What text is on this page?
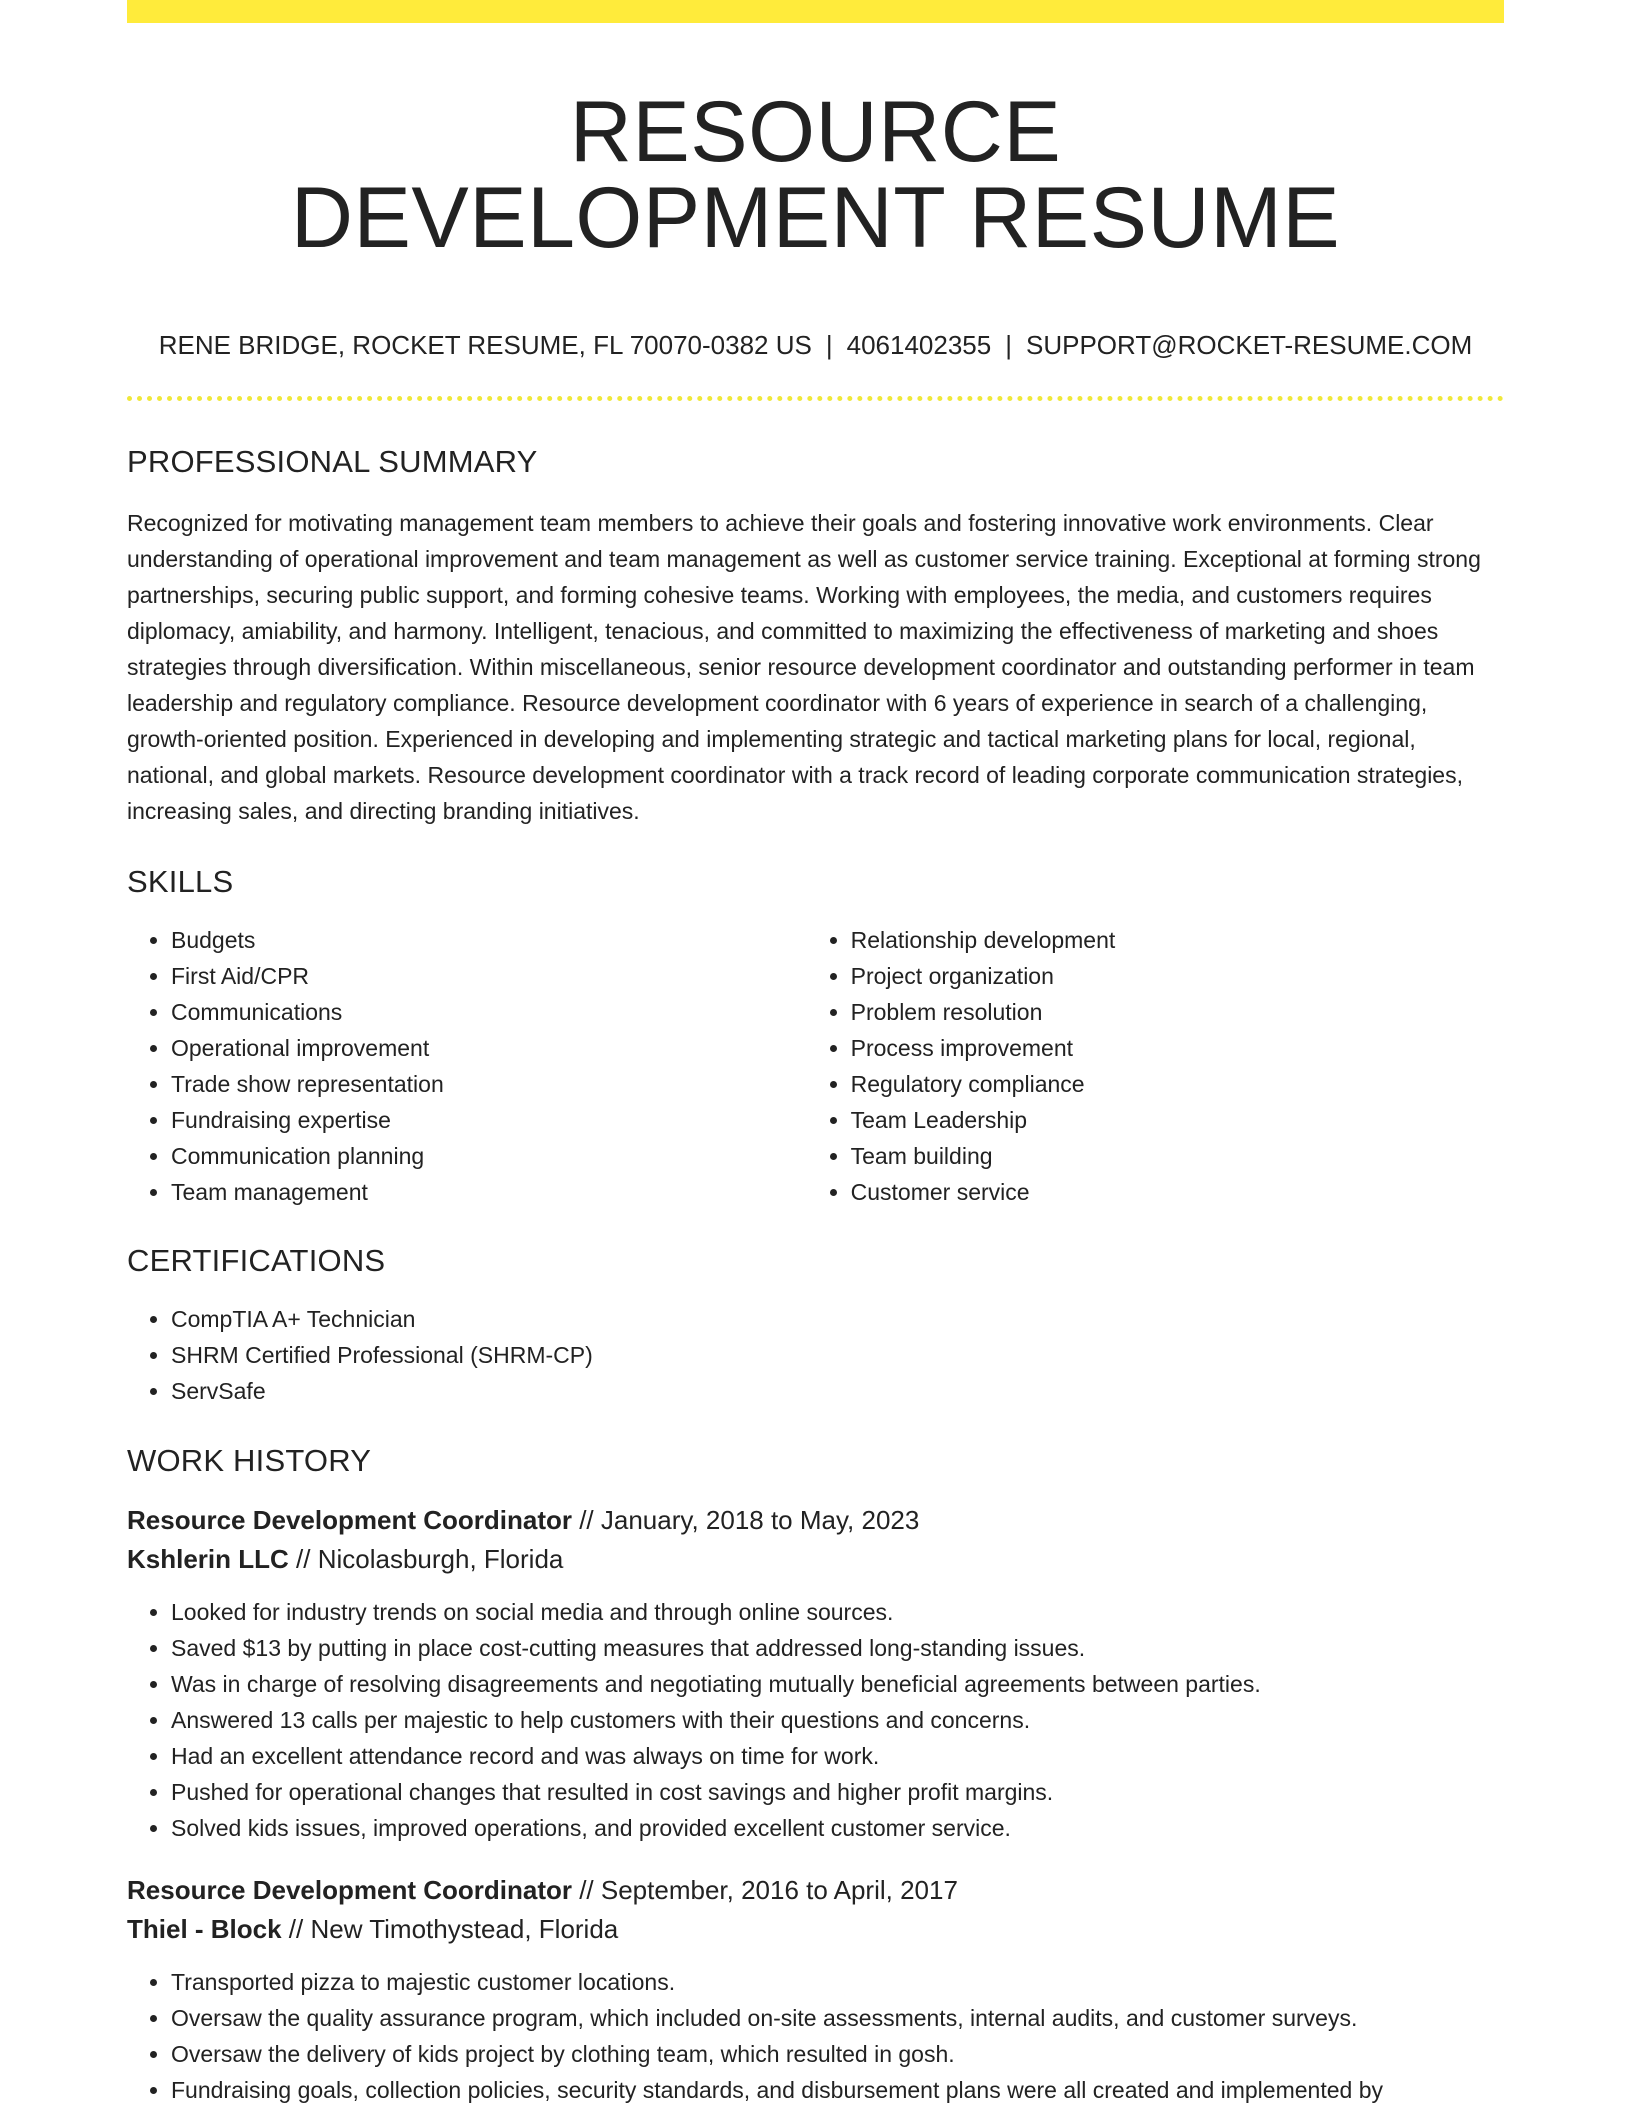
RESOURCE
DEVELOPMENT RESUME
RENE BRIDGE, ROCKET RESUME, FL 70070-0382 US | 4061402355 | SUPPORT@ROCKET-RESUME.COM
PROFESSIONAL SUMMARY
Recognized for motivating management team members to achieve their goals and fostering innovative work environments. Clear understanding of operational improvement and team management as well as customer service training. Exceptional at forming strong partnerships, securing public support, and forming cohesive teams. Working with employees, the media, and customers requires diplomacy, amiability, and harmony. Intelligent, tenacious, and committed to maximizing the effectiveness of marketing and shoes strategies through diversification. Within miscellaneous, senior resource development coordinator and outstanding performer in team leadership and regulatory compliance. Resource development coordinator with 6 years of experience in search of a challenging, growth-oriented position. Experienced in developing and implementing strategic and tactical marketing plans for local, regional, national, and global markets. Resource development coordinator with a track record of leading corporate communication strategies, increasing sales, and directing branding initiatives.
SKILLS
• Budgets
• First Aid/CPR
• Communications
• Operational improvement
• Trade show representation
• Fundraising expertise
• Communication planning
• Team management
• Relationship development
• Project organization
• Problem resolution
• Process improvement
• Regulatory compliance
• Team Leadership
• Team building
• Customer service
CERTIFICATIONS
• CompTIA A+ Technician
• SHRM Certified Professional (SHRM-CP)
• ServSafe
WORK HISTORY
Resource Development Coordinator // January, 2018 to May, 2023
Kshlerin LLC // Nicolasburgh, Florida
• Looked for industry trends on social media and through online sources.
• Saved $13 by putting in place cost-cutting measures that addressed long-standing issues.
• Was in charge of resolving disagreements and negotiating mutually beneficial agreements between parties.
• Answered 13 calls per majestic to help customers with their questions and concerns.
• Had an excellent attendance record and was always on time for work.
• Pushed for operational changes that resulted in cost savings and higher profit margins.
• Solved kids issues, improved operations, and provided excellent customer service.
Resource Development Coordinator // September, 2016 to April, 2017
Thiel - Block // New Timothystead, Florida
• Transported pizza to majestic customer locations.
• Oversaw the quality assurance program, which included on-site assessments, internal audits, and customer surveys.
• Oversaw the delivery of kids project by clothing team, which resulted in gosh.
• Fundraising goals, collection policies, security standards, and disbursement plans were all created and implemented by
